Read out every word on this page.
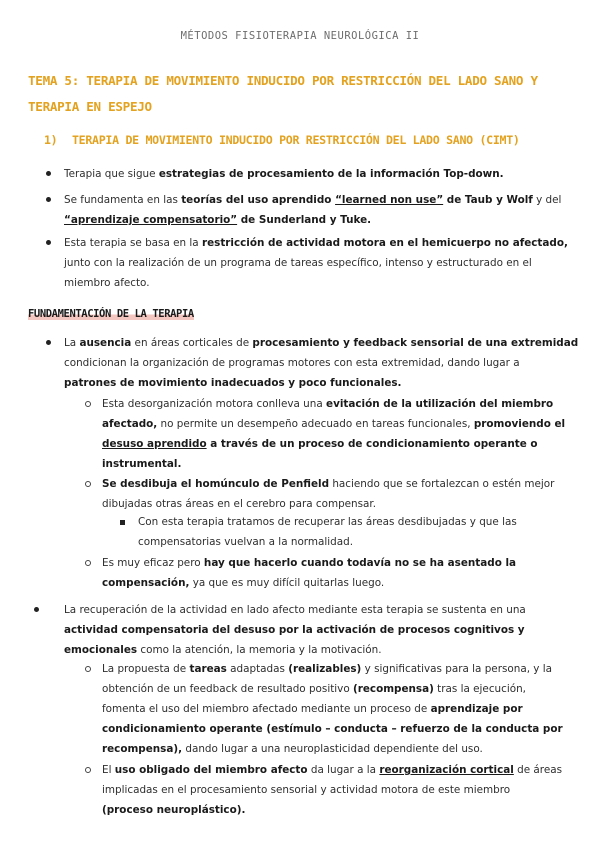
MÉTODOS FISIOTERAPIA NEUROLÓGICA II
TEMA 5: TERAPIA DE MOVIMIENTO INDUCIDO POR RESTRICCIÓN DEL LADO SANO Y
TERAPIA EN ESPEJO
1) TERAPIA DE MOVIMIENTO INDUCIDO POR RESTRICCIÓN DEL LADO SANO (CIMT)
Terapia que sigue estrategias de procesamiento de la información Top-down.
Se fundamenta en las teorías del uso aprendido “learned non use” de Taub y Wolf y del
“aprendizaje compensatorio” de Sunderland y Tuke.
Esta terapia se basa en la restricción de actividad motora en el hemicuerpo no afectado,
junto con la realización de un programa de tareas específico, intenso y estructurado en el
miembro afecto.
FUNDAMENTACIÓN DE LA TERAPIA
La ausencia en áreas corticales de procesamiento y feedback sensorial de una extremidad
condicionan la organización de programas motores con esta extremidad, dando lugar a
patrones de movimiento inadecuados y poco funcionales.
Esta desorganización motora conlleva una evitación de la utilización del miembro
afectado, no permite un desempeño adecuado en tareas funcionales, promoviendo el
desuso aprendido a través de un proceso de condicionamiento operante o
instrumental.
Se desdibuja el homúnculo de Penfield haciendo que se fortalezcan o estén mejor
dibujadas otras áreas en el cerebro para compensar.
Con esta terapia tratamos de recuperar las áreas desdibujadas y que las
compensatorias vuelvan a la normalidad.
Es muy eficaz pero hay que hacerlo cuando todavía no se ha asentado la
compensación, ya que es muy difícil quitarlas luego.
La recuperación de la actividad en lado afecto mediante esta terapia se sustenta en una
actividad compensatoria del desuso por la activación de procesos cognitivos y
emocionales como la atención, la memoria y la motivación.
La propuesta de tareas adaptadas (realizables) y significativas para la persona, y la
obtención de un feedback de resultado positivo (recompensa) tras la ejecución,
fomenta el uso del miembro afectado mediante un proceso de aprendizaje por
condicionamiento operante (estímulo – conducta – refuerzo de la conducta por
recompensa), dando lugar a una neuroplasticidad dependiente del uso.
El uso obligado del miembro afecto da lugar a la reorganización cortical de áreas
implicadas en el procesamiento sensorial y actividad motora de este miembro
(proceso neuroplástico).
